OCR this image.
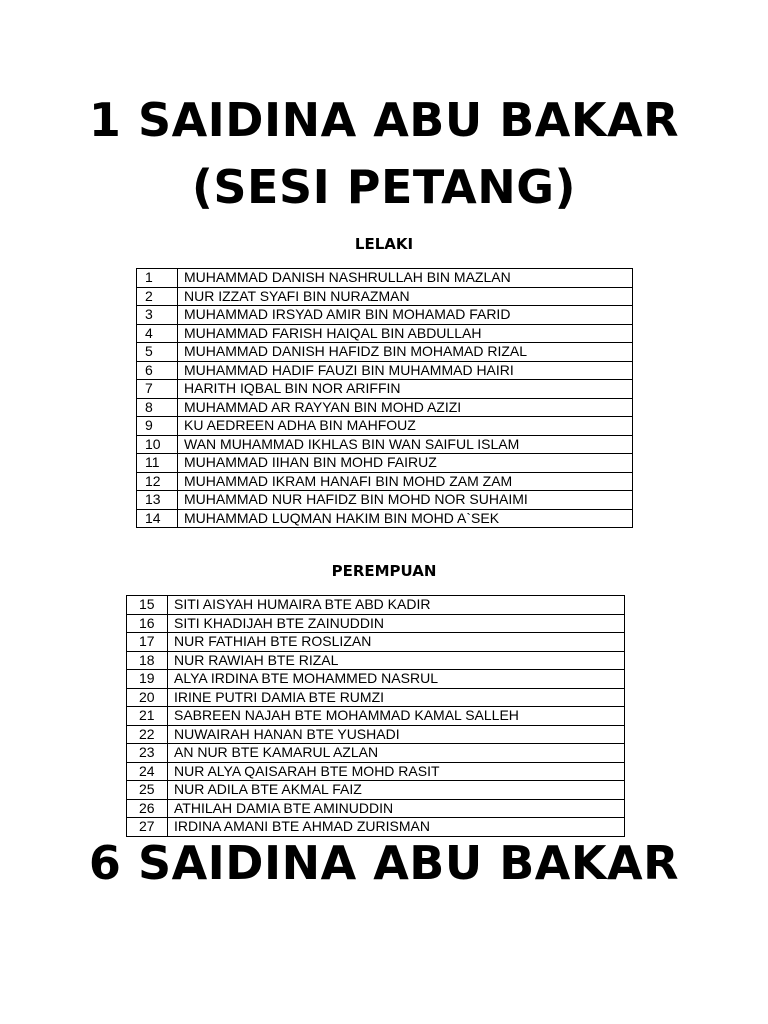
1 SAIDINA ABU BAKAR
(SESI PETANG)
LELAKI
1	MUHAMMAD DANISH NASHRULLAH BIN MAZLAN
2	NUR IZZAT SYAFI BIN NURAZMAN
3	MUHAMMAD IRSYAD AMIR BIN MOHAMAD FARID
4	MUHAMMAD FARISH HAIQAL BIN ABDULLAH
5	MUHAMMAD DANISH HAFIDZ BIN MOHAMAD RIZAL
6	MUHAMMAD HADIF FAUZI BIN MUHAMMAD HAIRI
7	HARITH IQBAL BIN NOR ARIFFIN
8	MUHAMMAD AR RAYYAN BIN MOHD AZIZI
9	KU AEDREEN ADHA BIN MAHFOUZ
10	WAN MUHAMMAD IKHLAS BIN WAN SAIFUL ISLAM
11	MUHAMMAD IIHAN BIN MOHD FAIRUZ
12	MUHAMMAD IKRAM HANAFI BIN MOHD ZAM ZAM
13	MUHAMMAD NUR HAFIDZ BIN MOHD NOR SUHAIMI
14	MUHAMMAD LUQMAN HAKIM BIN MOHD A`SEK
PEREMPUAN
15	SITI AISYAH HUMAIRA BTE ABD KADIR
16	SITI KHADIJAH BTE ZAINUDDIN
17	NUR FATHIAH BTE ROSLIZAN
18	NUR RAWIAH BTE RIZAL
19	ALYA IRDINA BTE MOHAMMED NASRUL
20	IRINE PUTRI DAMIA BTE RUMZI
21	SABREEN NAJAH BTE MOHAMMAD KAMAL SALLEH
22	NUWAIRAH HANAN BTE YUSHADI
23	AN NUR BTE KAMARUL AZLAN
24	NUR ALYA QAISARAH BTE MOHD RASIT
25	NUR ADILA BTE AKMAL FAIZ
26	ATHILAH DAMIA BTE AMINUDDIN
27	IRDINA AMANI BTE AHMAD ZURISMAN
6 SAIDINA ABU BAKAR
